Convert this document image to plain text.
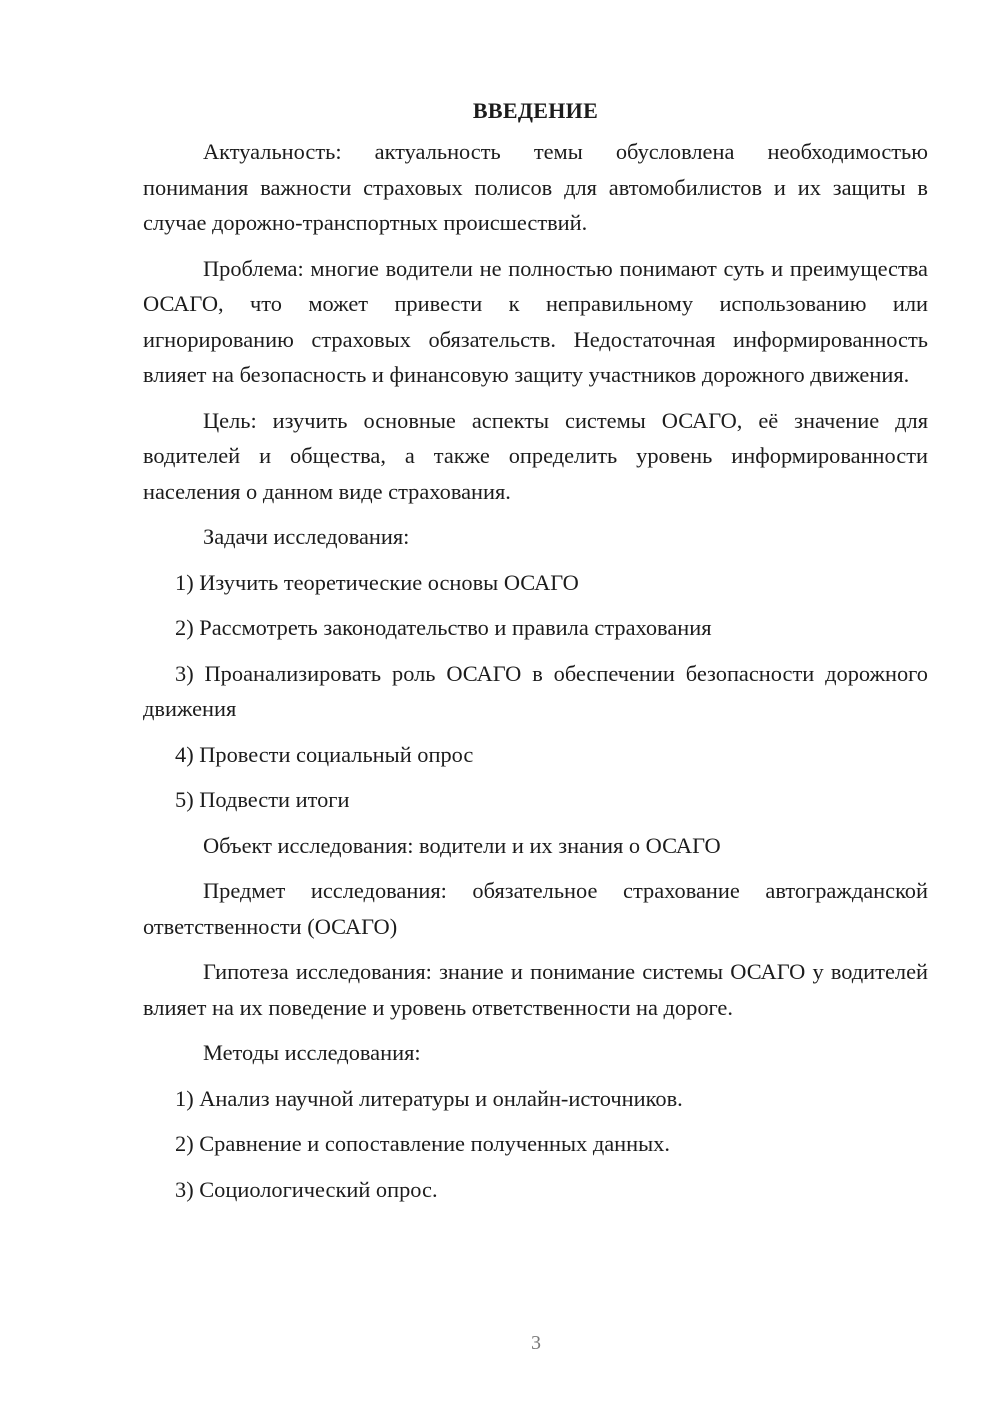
ВВЕДЕНИЕ

Актуальность: актуальность темы обусловлена необходимостью понимания важности страховых полисов для автомобилистов и их защиты в случае дорожно-транспортных происшествий.

Проблема: многие водители не полностью понимают суть и преимущества ОСАГО, что может привести к неправильному использованию или игнорированию страховых обязательств. Недостаточная информированность влияет на безопасность и финансовую защиту участников дорожного движения.

Цель: изучить основные аспекты системы ОСАГО, её значение для водителей и общества, а также определить уровень информированности населения о данном виде страхования.

Задачи исследования:

1) Изучить теоретические основы ОСАГО

2) Рассмотреть законодательство и правила страхования

3) Проанализировать роль ОСАГО в обеспечении безопасности дорожного движения

4) Провести социальный опрос

5) Подвести итоги

Объект исследования: водители и их знания о ОСАГО

Предмет исследования: обязательное страхование автогражданской ответственности (ОСАГО)

Гипотеза исследования: знание и понимание системы ОСАГО у водителей влияет на их поведение и уровень ответственности на дороге.

Методы исследования:

1) Анализ научной литературы и онлайн-источников.

2) Сравнение и сопоставление полученных данных.

3) Социологический опрос.

3
